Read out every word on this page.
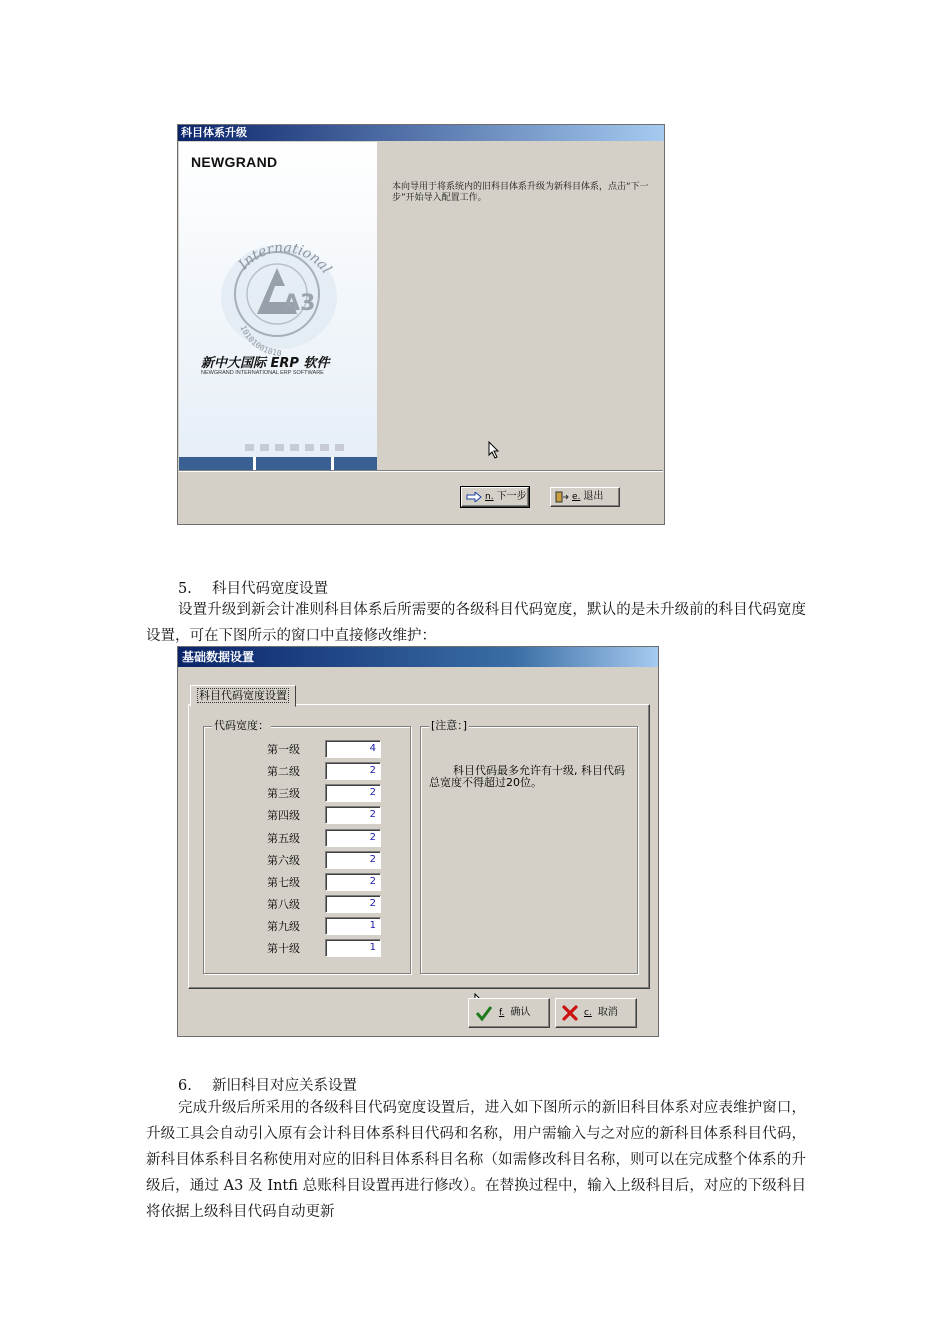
科目体系升级
NEWGRAND
A3
International
10101001010
新中大国际 ERP 软件
NEWGRAND INTERNATIONAL ERP SOFTWARE
本向导用于将系统内的旧科目体系升级为新科目体系，点击“下一步”开始导入配置工作。
n. 下一步	e. 退出
5. 科目代码宽度设置
设置升级到新会计准则科目体系后所需要的各级科目代码宽度，默认的是未升级前的科目代码宽度设置，可在下图所示的窗口中直接修改维护：
基础数据设置
科目代码宽度设置
代码宽度：
第一级	4
第二级	2
第三级	2
第四级	2
第五级	2
第六级	2
第七级	2
第八级	2
第九级	1
第十级	1
[注意：]
科目代码最多允许有十级, 科目代码总宽度不得超过20位。
f. 确认	c. 取消
6. 新旧科目对应关系设置
完成升级后所采用的各级科目代码宽度设置后，进入如下图所示的新旧科目体系对应表维护窗口，升级工具会自动引入原有会计科目体系科目代码和名称，用户需输入与之对应的新科目体系科目代码，新科目体系科目名称使用对应的旧科目体系科目名称（如需修改科目名称，则可以在完成整个体系的升级后，通过 A3 及 Intfi 总账科目设置再进行修改）。在替换过程中，输入上级科目后，对应的下级科目将依据上级科目代码自动更新
